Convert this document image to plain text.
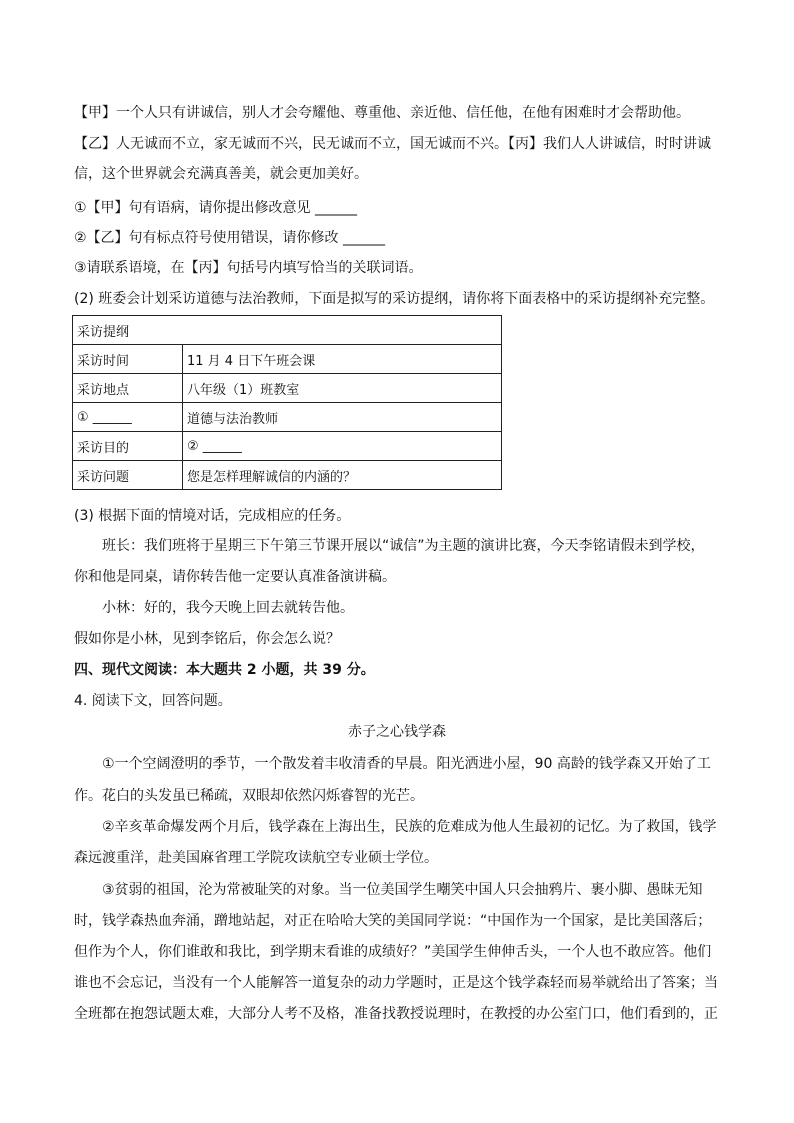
【甲】一个人只有讲诚信，别人才会夸耀他、尊重他、亲近他、信任他，在他有困难时才会帮助他。
【乙】人无诚而不立，家无诚而不兴，民无诚而不立，国无诚而不兴。【丙】我们人人讲诚信，时时讲诚
信，这个世界就会充满真善美，就会更加美好。
①【甲】句有语病，请你提出修改意见 ______
②【乙】句有标点符号使用错误，请你修改 ______
③请联系语境，在【丙】句括号内填写恰当的关联词语。
(2) 班委会计划采访道德与法治教师，下面是拟写的采访提纲，请你将下面表格中的采访提纲补充完整。
采访提纲	
采访时间	11 月 4 日下午班会课
采访地点	八年级（1）班教室
① ______	道德与法治教师
采访目的	② ______
采访问题	您是怎样理解诚信的内涵的？
(3) 根据下面的情境对话，完成相应的任务。
班长：我们班将于星期三下午第三节课开展以“诚信”为主题的演讲比赛，今天李铭请假未到学校，
你和他是同桌，请你转告他一定要认真准备演讲稿。
小林：好的，我今天晚上回去就转告他。
假如你是小林，见到李铭后，你会怎么说？
四、现代文阅读：本大题共 2 小题，共 39 分。
4. 阅读下文，回答问题。
赤子之心钱学森
①一个空阔澄明的季节，一个散发着丰收清香的早晨。阳光洒进小屋，90 高龄的钱学森又开始了工
作。花白的头发虽已稀疏，双眼却依然闪烁睿智的光芒。
②辛亥革命爆发两个月后，钱学森在上海出生，民族的危难成为他人生最初的记忆。为了救国，钱学
森远渡重洋，赴美国麻省理工学院攻读航空专业硕士学位。
③贫弱的祖国，沦为常被耻笑的对象。当一位美国学生嘲笑中国人只会抽鸦片、裹小脚、愚昧无知
时，钱学森热血奔涌，蹭地站起，对正在哈哈大笑的美国同学说：“中国作为一个国家，是比美国落后；
但作为个人，你们谁敢和我比，到学期末看谁的成绩好？”美国学生伸伸舌头，一个人也不敢应答。他们
谁也不会忘记，当没有一个人能解答一道复杂的动力学题时，正是这个钱学森轻而易举就给出了答案；当
全班都在抱怨试题太难，大部分人考不及格，准备找教授说理时，在教授的办公室门口，他们看到的，正
